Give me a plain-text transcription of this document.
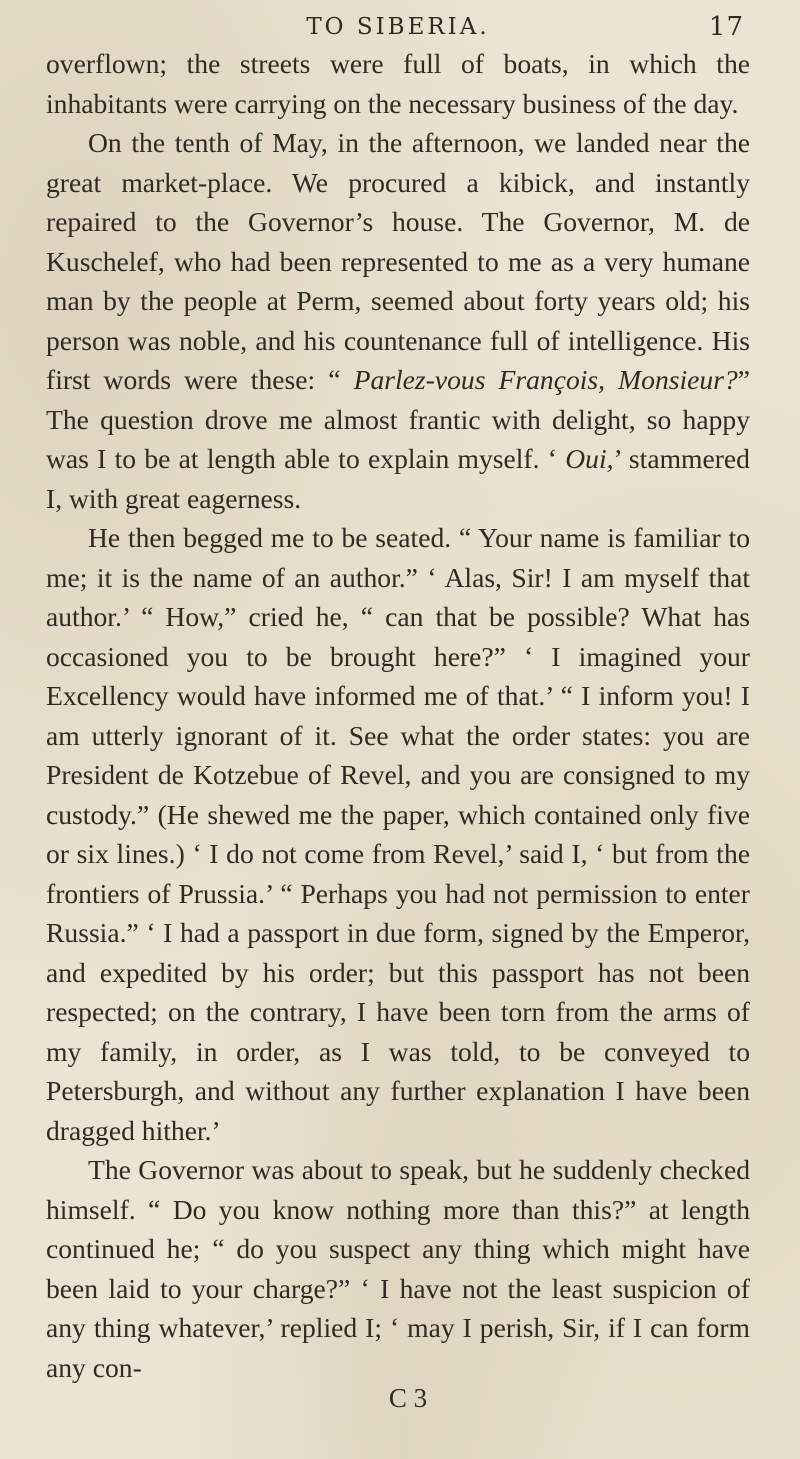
TO SIBERIA.	17

overflown; the streets were full of boats, in which the inhabitants were carrying on the necessary business of the day.

On the tenth of May, in the afternoon, we landed near the great market-place. We procured a kibick, and instantly repaired to the Governor’s house. The Governor, M. de Kuschelef, who had been represented to me as a very humane man by the people at Perm, seemed about forty years old; his person was noble, and his countenance full of intelligence. His first words were these: “ Parlez-vous François, Monsieur?” The question drove me almost frantic with delight, so happy was I to be at length able to explain myself. ‘ Oui,’ stammered I, with great eagerness.

He then begged me to be seated. “ Your name is familiar to me; it is the name of an author.” ‘ Alas, Sir! I am myself that author.’ “ How,” cried he, “ can that be possible? What has occasioned you to be brought here?” ‘ I imagined your Excellency would have informed me of that.’ “ I inform you! I am utterly ignorant of it. See what the order states: you are President de Kotzebue of Revel, and you are consigned to my custody.” (He shewed me the paper, which contained only five or six lines.) ‘ I do not come from Revel,’ said I, ‘ but from the frontiers of Prussia.’ “ Perhaps you had not permission to enter Russia.” ‘ I had a passport in due form, signed by the Emperor, and expedited by his order; but this passport has not been respected; on the contrary, I have been torn from the arms of my family, in order, as I was told, to be conveyed to Petersburgh, and without any further explanation I have been dragged hither.’

The Governor was about to speak, but he suddenly checked himself. “ Do you know nothing more than this?” at length continued he; “ do you suspect any thing which might have been laid to your charge?” ‘ I have not the least suspicion of any thing whatever,’ replied I; ‘ may I perish, Sir, if I can form any con-

C 3
